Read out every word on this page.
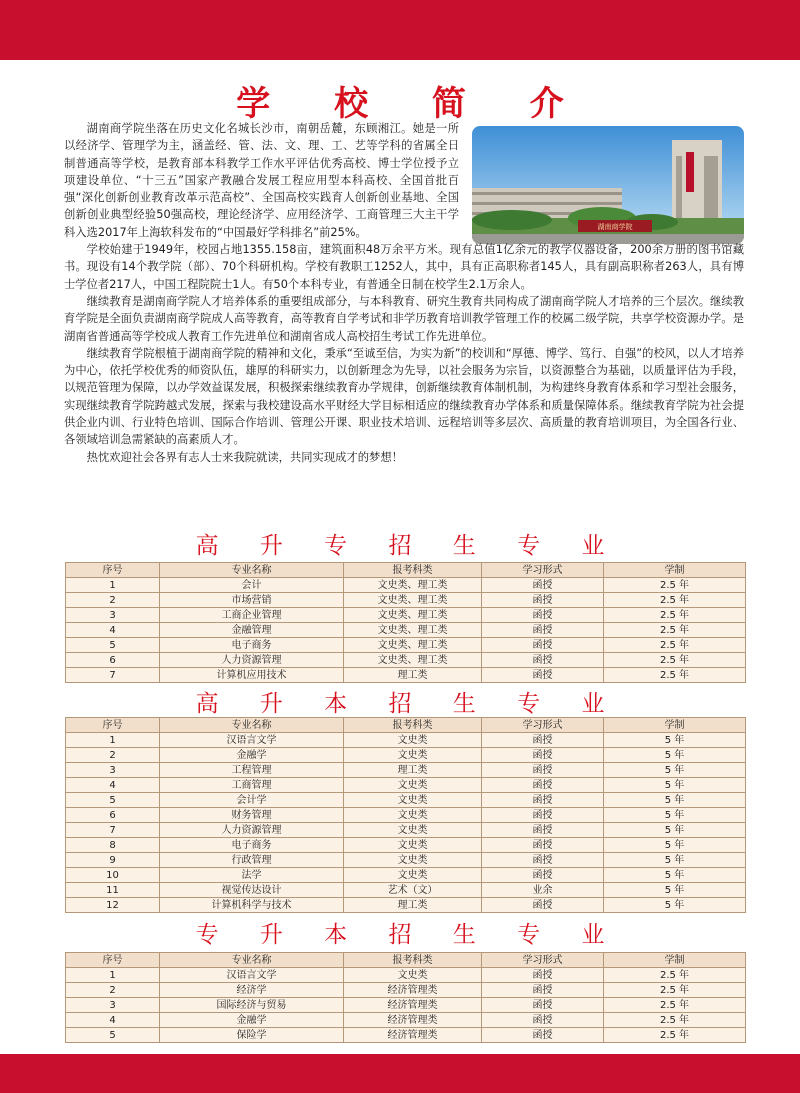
学 校 简 介
湖南商学院

湖南商学院坐落在历史文化名城长沙市，南朝岳麓，东顾湘江。她是一所以经济学、管理学为主，涵盖经、管、法、文、理、工、艺等学科的省属全日制普通高等学校，是教育部本科教学工作水平评估优秀高校、博士学位授予立项建设单位、“十三五”国家产教融合发展工程应用型本科高校、全国首批百强“深化创新创业教育改革示范高校”、全国高校实践育人创新创业基地、全国创新创业典型经验50强高校，理论经济学、应用经济学、工商管理三大主干学科入选2017年上海软科发布的“中国最好学科排名”前25%。

学校始建于1949年，校园占地1355.158亩，建筑面积48万余平方米。现有总值1亿余元的教学仪器设备，200余万册的图书馆藏书。现设有14个教学院（部）、70个科研机构。学校有教职工1252人，其中，具有正高职称者145人，具有副高职称者263人，具有博士学位者217人，中国工程院院士1人。有50个本科专业，有普通全日制在校学生2.1万余人。

继续教育是湖南商学院人才培养体系的重要组成部分，与本科教育、研究生教育共同构成了湖南商学院人才培养的三个层次。继续教育学院是全面负责湖南商学院成人高等教育，高等教育自学考试和非学历教育培训教学管理工作的校属二级学院，共享学校资源办学。是湖南省普通高等学校成人教育工作先进单位和湖南省成人高校招生考试工作先进单位。

继续教育学院根植于湖南商学院的精神和文化，秉承“至诚至信，为实为新”的校训和“厚德、博学、笃行、自强”的校风，以人才培养为中心，依托学校优秀的师资队伍，雄厚的科研实力，以创新理念为先导，以社会服务为宗旨，以资源整合为基础，以质量评估为手段，以规范管理为保障，以办学效益谋发展，积极探索继续教育办学规律，创新继续教育体制机制，为构建终身教育体系和学习型社会服务，实现继续教育学院跨越式发展，探索与我校建设高水平财经大学目标相适应的继续教育办学体系和质量保障体系。继续教育学院为社会提供企业内训、行业特色培训、国际合作培训、管理公开课、职业技术培训、远程培训等多层次、高质量的教育培训项目，为全国各行业、各领域培训急需紧缺的高素质人才。

热忱欢迎社会各界有志人士来我院就读，共同实现成才的梦想！

高 升 专 招 生 专 业
序号	专业名称	报考科类	学习形式	学制
1	会计	文史类、理工类	函授	2.5 年
2	市场营销	文史类、理工类	函授	2.5 年
3	工商企业管理	文史类、理工类	函授	2.5 年
4	金融管理	文史类、理工类	函授	2.5 年
5	电子商务	文史类、理工类	函授	2.5 年
6	人力资源管理	文史类、理工类	函授	2.5 年
7	计算机应用技术	理工类	函授	2.5 年
高 升 本 招 生 专 业
序号	专业名称	报考科类	学习形式	学制
1	汉语言文学	文史类	函授	5 年
2	金融学	文史类	函授	5 年
3	工程管理	理工类	函授	5 年
4	工商管理	文史类	函授	5 年
5	会计学	文史类	函授	5 年
6	财务管理	文史类	函授	5 年
7	人力资源管理	文史类	函授	5 年
8	电子商务	文史类	函授	5 年
9	行政管理	文史类	函授	5 年
10	法学	文史类	函授	5 年
11	视觉传达设计	艺术（文）	业余	5 年
12	计算机科学与技术	理工类	函授	5 年
专 升 本 招 生 专 业
序号	专业名称	报考科类	学习形式	学制
1	汉语言文学	文史类	函授	2.5 年
2	经济学	经济管理类	函授	2.5 年
3	国际经济与贸易	经济管理类	函授	2.5 年
4	金融学	经济管理类	函授	2.5 年
5	保险学	经济管理类	函授	2.5 年
